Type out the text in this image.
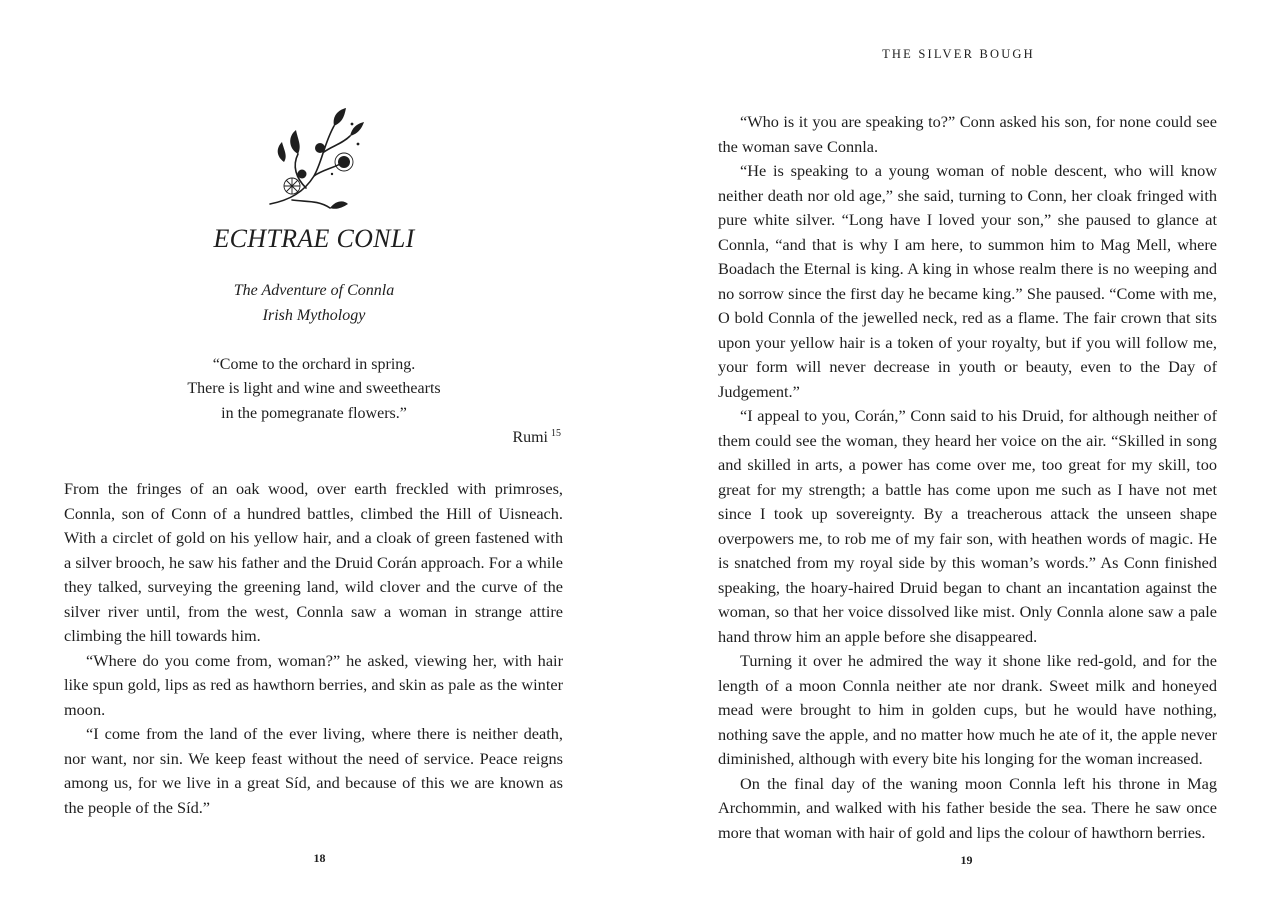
ECHTRAE CONLI
The Adventure of Connla
Irish Mythology
“Come to the orchard in spring.
There is light and wine and sweethearts
in the pomegranate flowers.”
Rumi $^{15}$

From the fringes of an oak wood, over earth freckled with primroses, Connla, son of Conn of a hundred battles, climbed the Hill of Uisneach. With a circlet of gold on his yellow hair, and a cloak of green fastened with a silver brooch, he saw his father and the Druid Corán approach. For a while they talked, surveying the greening land, wild clover and the curve of the silver river until, from the west, Connla saw a woman in strange attire climbing the hill towards him.

“Where do you come from, woman?” he asked, viewing her, with hair like spun gold, lips as red as hawthorn berries, and skin as pale as the winter moon.

“I come from the land of the ever living, where there is neither death, nor want, nor sin. We keep feast without the need of service. Peace reigns among us, for we live in a great Síd, and because of this we are known as the people of the Síd.”

18
THE SILVER BOUGH

“Who is it you are speaking to?” Conn asked his son, for none could see the woman save Connla.

“He is speaking to a young woman of noble descent, who will know neither death nor old age,” she said, turning to Conn, her cloak fringed with pure white silver. “Long have I loved your son,” she paused to glance at Connla, “and that is why I am here, to summon him to Mag Mell, where Boadach the Eternal is king. A king in whose realm there is no weeping and no sorrow since the first day he became king.” She paused. “Come with me, O bold Connla of the jewelled neck, red as a flame. The fair crown that sits upon your yellow hair is a token of your royalty, but if you will follow me, your form will never decrease in youth or beauty, even to the Day of Judgement.”

“I appeal to you, Corán,” Conn said to his Druid, for although neither of them could see the woman, they heard her voice on the air. “Skilled in song and skilled in arts, a power has come over me, too great for my skill, too great for my strength; a battle has come upon me such as I have not met since I took up sovereignty. By a treacherous attack the unseen shape overpowers me, to rob me of my fair son, with heathen words of magic. He is snatched from my royal side by this woman’s words.” As Conn finished speaking, the hoary-haired Druid began to chant an incantation against the woman, so that her voice dissolved like mist. Only Connla alone saw a pale hand throw him an apple before she disappeared.

Turning it over he admired the way it shone like red-gold, and for the length of a moon Connla neither ate nor drank. Sweet milk and honeyed mead were brought to him in golden cups, but he would have nothing, nothing save the apple, and no matter how much he ate of it, the apple never diminished, although with every bite his longing for the woman increased.

On the final day of the waning moon Connla left his throne in Mag Archommin, and walked with his father beside the sea. There he saw once more that woman with hair of gold and lips the colour of hawthorn berries.

19
